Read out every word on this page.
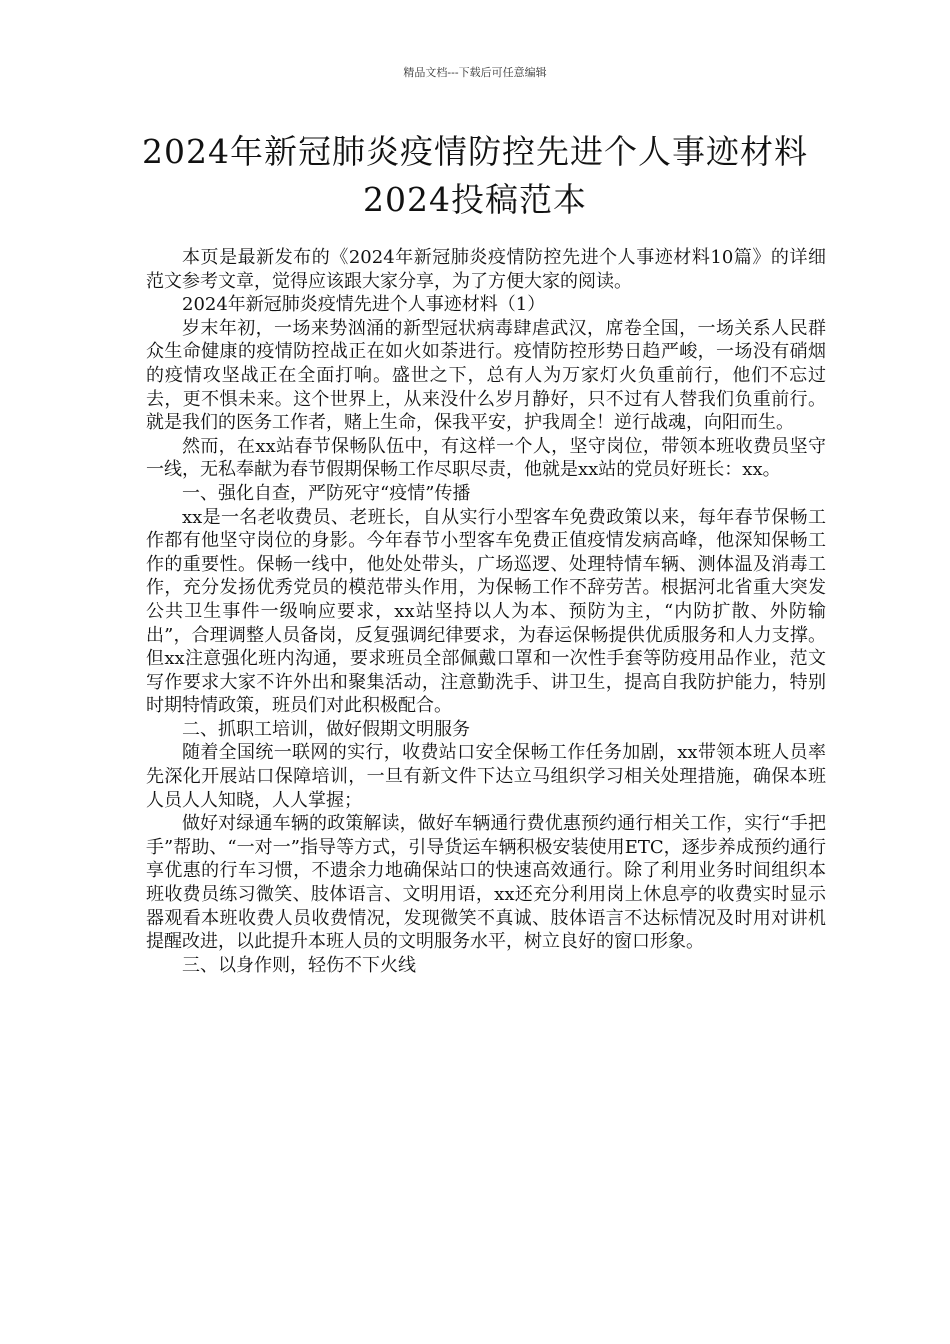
精品文档---下载后可任意编辑
2024年新冠肺炎疫情防控先进个人事迹材料2024投稿范本

本页是最新发布的《2024年新冠肺炎疫情防控先进个人事迹材料10篇》的详细范文参考文章，觉得应该跟大家分享，为了方便大家的阅读。

2024年新冠肺炎疫情先进个人事迹材料（1）

岁末年初，一场来势汹涌的新型冠状病毒肆虐武汉，席卷全国，一场关系人民群众生命健康的疫情防控战正在如火如荼进行。疫情防控形势日趋严峻，一场没有硝烟的疫情攻坚战正在全面打响。盛世之下，总有人为万家灯火负重前行，他们不忘过去，更不惧未来。这个世界上，从来没什么岁月静好，只不过有人替我们负重前行。就是我们的医务工作者，赌上生命，保我平安，护我周全！逆行战魂，向阳而生。

然而，在xx站春节保畅队伍中，有这样一个人，坚守岗位，带领本班收费员坚守一线，无私奉献为春节假期保畅工作尽职尽责，他就是xx站的党员好班长：xx。

一、强化自查，严防死守“疫情”传播

xx是一名老收费员、老班长，自从实行小型客车免费政策以来，每年春节保畅工作都有他坚守岗位的身影。今年春节小型客车免费正值疫情发病高峰，他深知保畅工作的重要性。保畅一线中，他处处带头，广场巡逻、处理特情车辆、测体温及消毒工作，充分发扬优秀党员的模范带头作用，为保畅工作不辞劳苦。根据河北省重大突发公共卫生事件一级响应要求，xx站坚持以人为本、预防为主，“内防扩散、外防输出”，合理调整人员备岗，反复强调纪律要求，为春运保畅提供优质服务和人力支撑。但xx注意强化班内沟通，要求班员全部佩戴口罩和一次性手套等防疫用品作业，范文写作要求大家不许外出和聚集活动，注意勤洗手、讲卫生，提高自我防护能力，特别时期特情政策，班员们对此积极配合。

二、抓职工培训，做好假期文明服务

随着全国统一联网的实行，收费站口安全保畅工作任务加剧，xx带领本班人员率先深化开展站口保障培训，一旦有新文件下达立马组织学习相关处理措施，确保本班人员人人知晓，人人掌握；

做好对绿通车辆的政策解读，做好车辆通行费优惠预约通行相关工作，实行“手把手”帮助、“一对一”指导等方式，引导货运车辆积极安装使用ETC，逐步养成预约通行享优惠的行车习惯，不遗余力地确保站口的快速高效通行。除了利用业务时间组织本班收费员练习微笑、肢体语言、文明用语，xx还充分利用岗上休息亭的收费实时显示器观看本班收费人员收费情况，发现微笑不真诚、肢体语言不达标情况及时用对讲机提醒改进，以此提升本班人员的文明服务水平，树立良好的窗口形象。

三、以身作则，轻伤不下火线
